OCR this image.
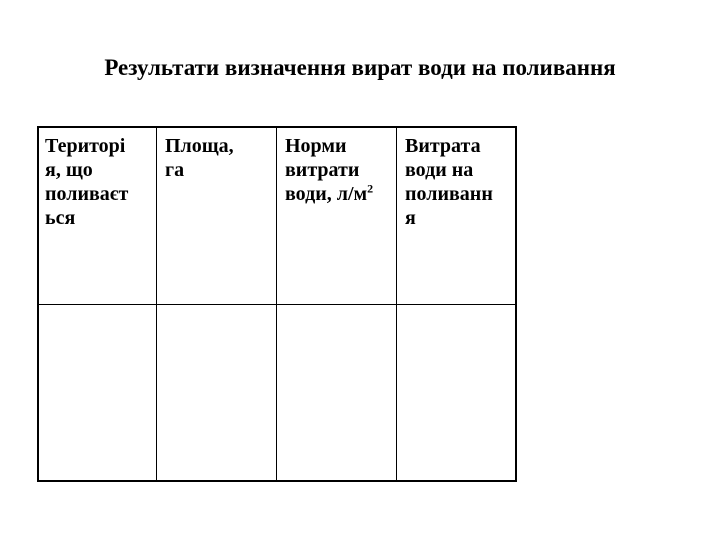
Результати визначення вират води на поливання
Територі
я, що
поливаєт
ься
Площа,
га
Норми
витрати
води, $л/м^2$
Витрата
води на
поливанн
я
